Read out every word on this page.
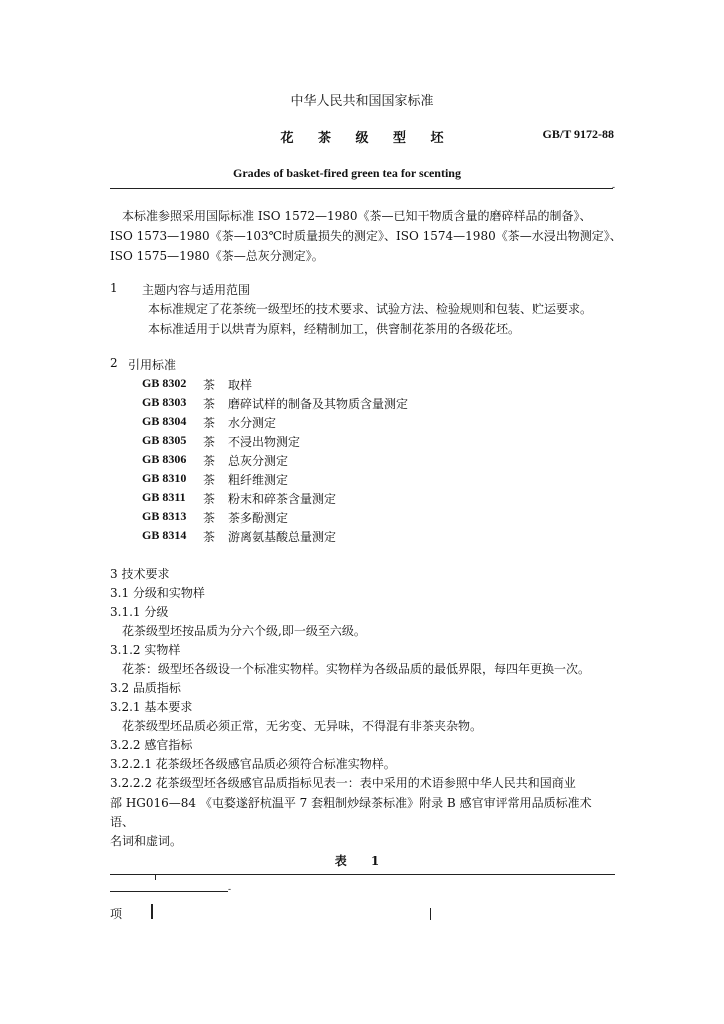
中华人民共和国国家标准
花 茶 级 型 坯	GB/T 9172-88
Grades of basket-fired green tea for scenting
-
本标准参照采用国际标准 ISO 1572—1980《茶—已知干物质含量的磨碎样品的制备》、
ISO 1573—1980《茶—103℃时质量损失的测定》、ISO 1574—1980《茶—水浸出物测定》、
ISO 1575—1980《茶—总灰分测定》。
1 主题内容与适用范围
本标准规定了花茶统一级型坯的技术要求、试验方法、检验规则和包装、贮运要求。
本标准适用于以烘青为原料，经精制加工，供窨制花茶用的各级花坯。
2 引用标准
GB 8302 茶 取样
GB 8303 茶 磨碎试样的制备及其物质含量测定
GB 8304 茶 水分测定
GB 8305 茶 不浸出物测定
GB 8306 茶 总灰分测定
GB 8310 茶 粗纤维测定
GB 8311 茶 粉末和碎茶含量测定
GB 8313 茶 茶多酚测定
GB 8314 茶 游离氨基酸总量测定
3 技术要求
3.1 分级和实物样
3.1.1 分级
花茶级型坯按品质为分六个级,即一级至六级。
3.1.2 实物样
花茶：级型坯各级设一个标准实物样。实物样为各级品质的最低界限，每四年更换一次。
3.2 品质指标
3.2.1 基本要求
花茶级型坯品质必须正常，无劣变、无异味，不得混有非茶夹杂物。
3.2.2 感官指标
3.2.2.1 花茶级坯各级感官品质必须符合标准实物样。
3.2.2.2 花茶级型坯各级感官品质指标见表一：表中采用的术语参照中华人民共和国商业
部 HG016—84 《屯婺遂舒杭温平 7 套粗制炒绿茶标准》附录 B 感官审评常用品质标准术
语、
名词和虚词。
表 1
-
项
